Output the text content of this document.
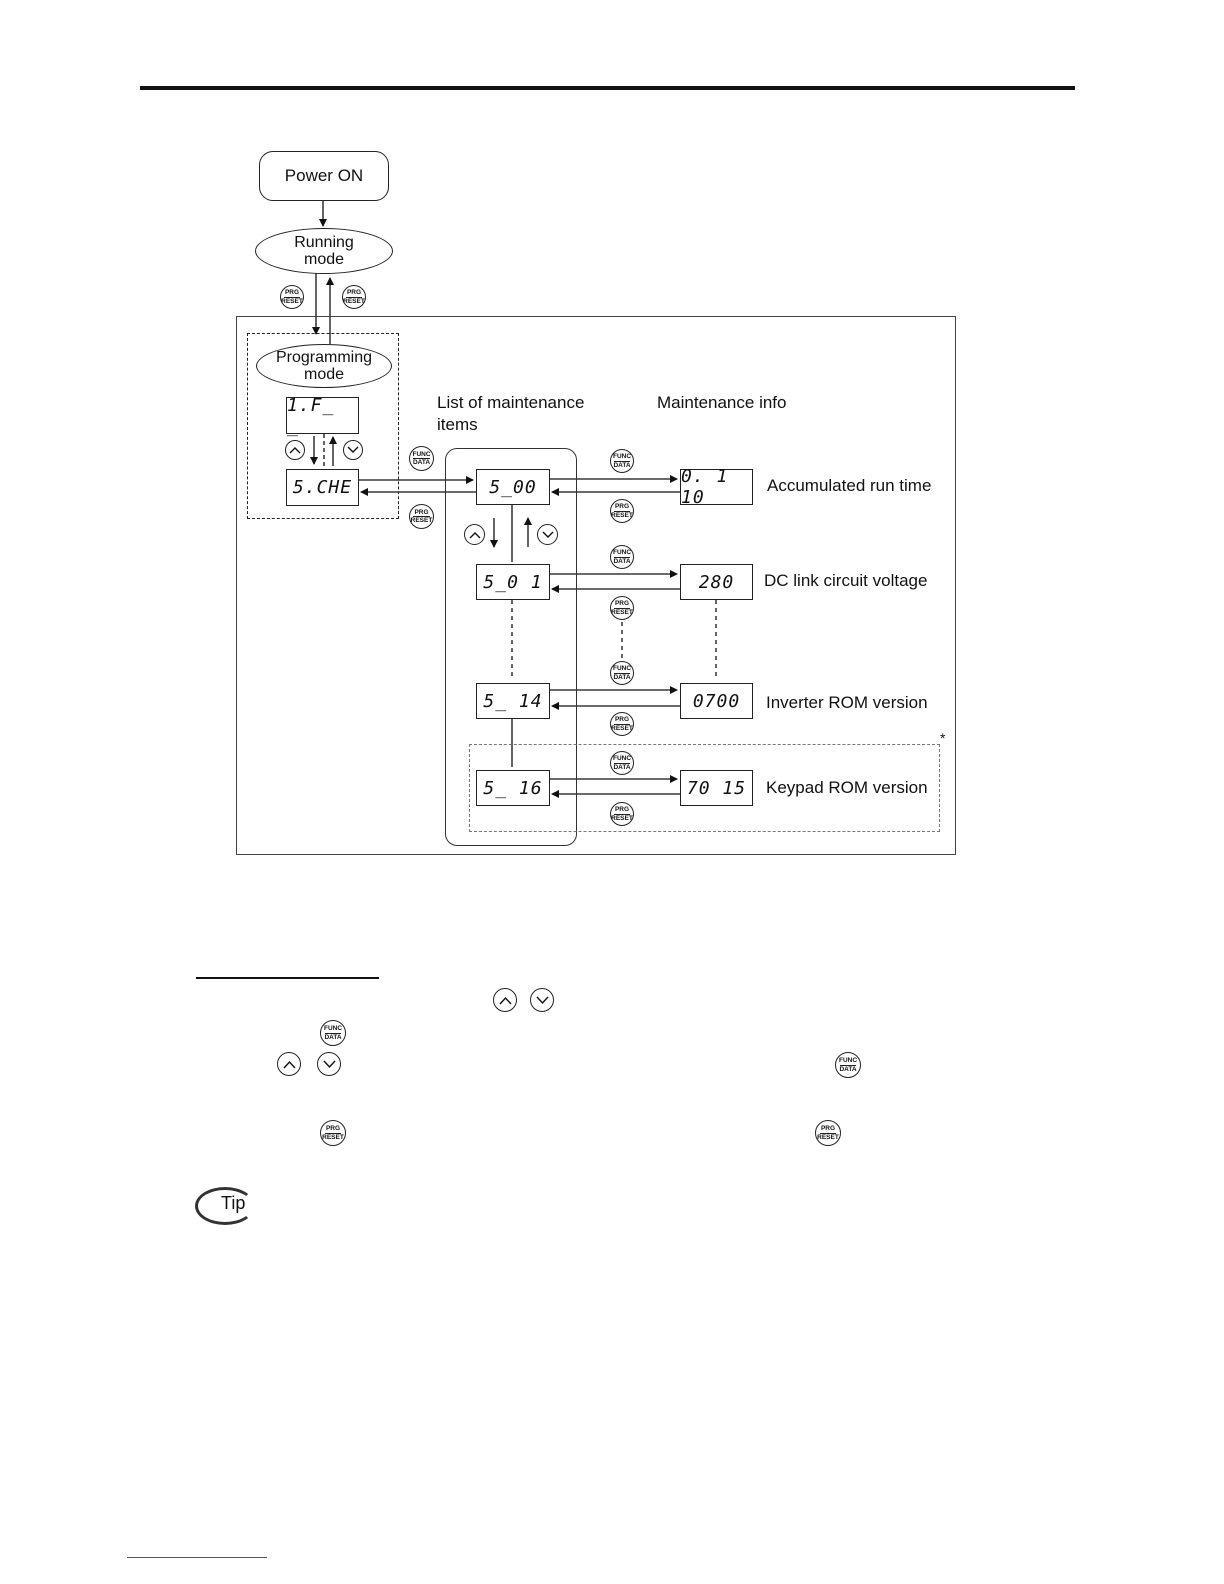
Power ON
Running mode
PRG
RESET
PRG
RESET
Programming mode
1.F_ _
5.CHE
FUNC
DATA
PRG
RESET
List of maintenance items
Maintenance info
*
5_00	0. 1 10
Accumulated run time
FUNC
DATA
PRG
RESET
5_0 1	280 DC link circuit voltage
FUNC
DATA
PRG
RESET
FUNC
DATA
5_ 14	0700 Inverter ROM version
PRG
RESET
5_ 16	70 15 Keypad ROM version
FUNC
DATA
PRG
RESET
FUNC
DATA
FUNC
DATA
PRG
RESET
PRG
RESET
Tip
